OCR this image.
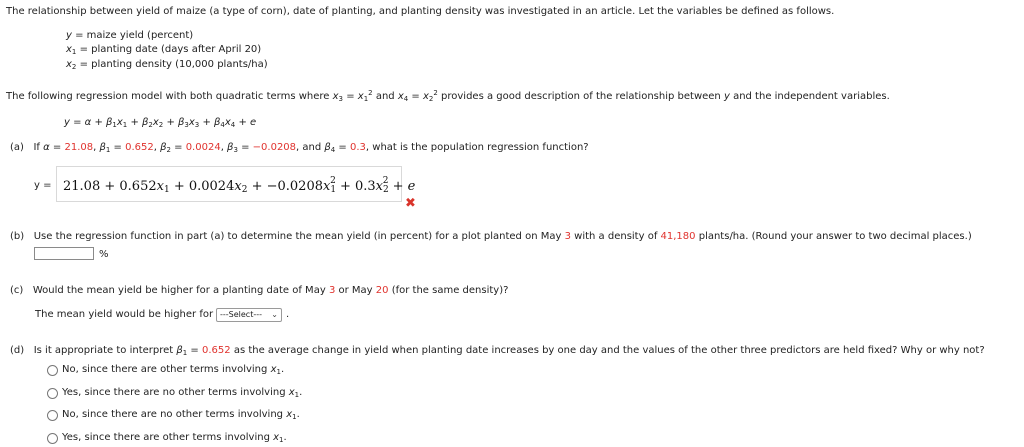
The relationship between yield of maize (a type of corn), date of planting, and planting density was investigated in an article. Let the variables be defined as follows.
y = maize yield (percent)
$x_1$ = planting date (days after April 20)
$x_2$ = planting density (10,000 plants/ha)
The following regression model with both quadratic terms where $x_3 = x_1^2$ and $x_4 = x_2^2$ provides a good description of the relationship between y and the independent variables.
$y = \alpha + \beta_1x_1 + \beta_2x_2 + \beta_3x_3 + \beta_4x_4 + e$
(a)   If α = 21.08, $\beta_1 = 0.652$, $\beta_2 = 0.0024$, $\beta_3 = -0.0208$, and $\beta_4 = 0.3$, what is the population regression function?
$y = 21.08 + 0.652x_1 + 0.0024x_2 + -0.0208x_1^2 + 0.3x_2^2 + e$
✖
(b) Use the regression function in part (a) to determine the mean yield (in percent) for a plot planted on May 3 with a density of 41,180 plants/ha. (Round your answer to two decimal places.)
%
(c) Would the mean yield be higher for a planting date of May 3 or May 20 (for the same density)?
The mean yield would be higher for ---Select--- ⌄ .
(d) Is it appropriate to interpret $\beta_1 = 0.652$ as the average change in yield when planting date increases by one day and the values of the other three predictors are held fixed? Why or why not?
No, since there are other terms involving $x_1$.
Yes, since there are no other terms involving $x_1$.
No, since there are no other terms involving $x_1$.
Yes, since there are other terms involving $x_1$.
